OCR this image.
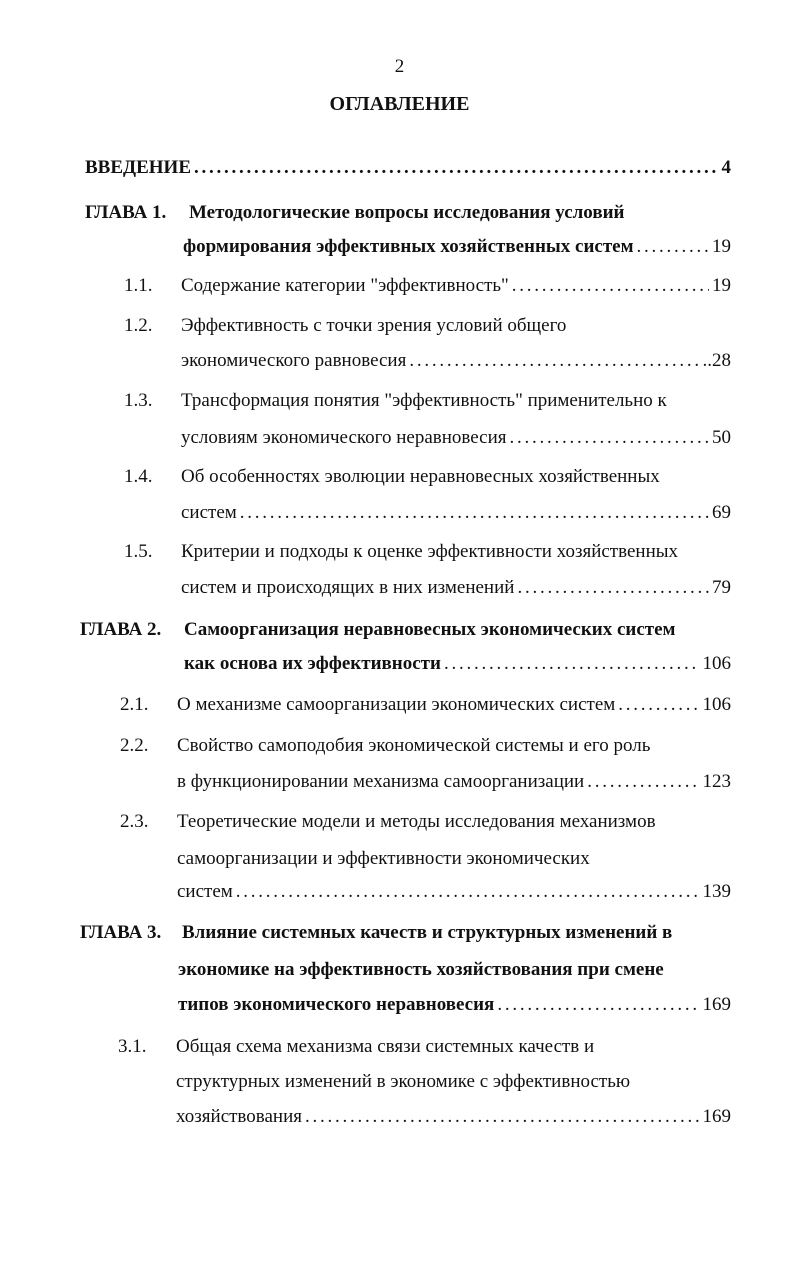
2
ОГЛАВЛЕНИЕ
ВВЕДЕНИЕ . . .	4
ГЛАВА 1. Методологические вопросы исследования условий
формирования эффективных хозяйственных систем . . .	19
1.1. Содержание категории "эффективность" . . .	19
1.2. Эффективность с точки зрения условий общего
экономического равновесия . . .	..28
1.3. Трансформация понятия "эффективность" применительно к
условиям экономического неравновесия . . .	50
1.4. Об особенностях эволюции неравновесных хозяйственных
систем . . .	69
1.5. Критерии и подходы к оценке эффективности хозяйственных
систем и происходящих в них изменений . . .	79
ГЛАВА 2. Самоорганизация неравновесных экономических систем
как основа их эффективности . . .	106
2.1. О механизме самоорганизации экономических систем . . .	106
2.2. Свойство самоподобия экономической системы и его роль
в функционировании механизма самоорганизации . . .	123
2.3. Теоретические модели и методы исследования механизмов
самоорганизации и эффективности экономических
систем . . .	139
ГЛАВА 3. Влияние системных качеств и структурных изменений в
экономике на эффективность хозяйствования при смене
типов экономического неравновесия . . .	169
3.1. Общая схема механизма связи системных качеств и
структурных изменений в экономике с эффективностью
хозяйствования . . .	169
